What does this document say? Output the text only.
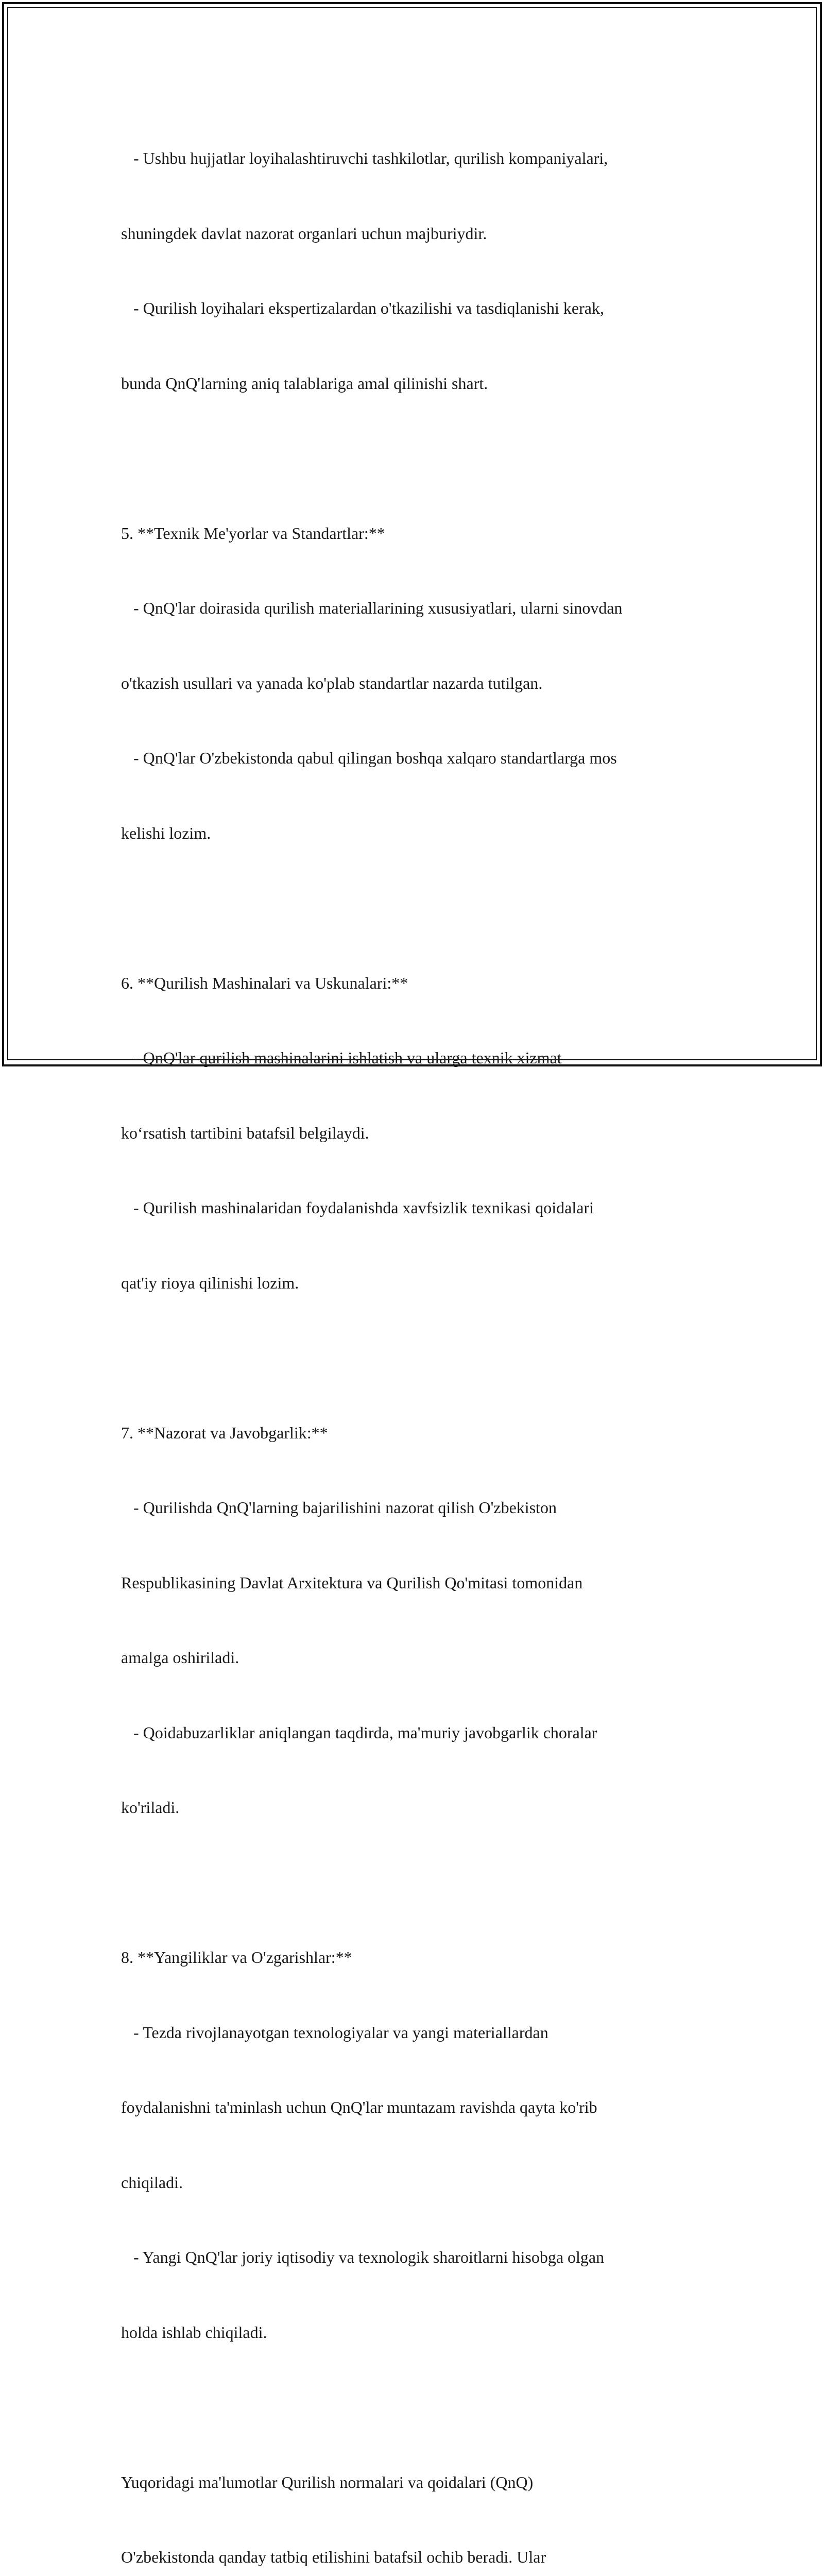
- Ushbu hujjatlar loyihalashtiruvchi tashkilotlar, qurilish kompaniyalari,

shuningdek davlat nazorat organlari uchun majburiydir.

- Qurilish loyihalari ekspertizalardan o'tkazilishi va tasdiqlanishi kerak,

bunda QnQ'larning aniq talablariga amal qilinishi shart.

5. **Texnik Me'yorlar va Standartlar:**

- QnQ'lar doirasida qurilish materiallarining xususiyatlari, ularni sinovdan

o'tkazish usullari va yanada ko'plab standartlar nazarda tutilgan.

- QnQ'lar O'zbekistonda qabul qilingan boshqa xalqaro standartlarga mos

kelishi lozim.

6. **Qurilish Mashinalari va Uskunalari:**

- QnQ'lar qurilish mashinalarini ishlatish va ularga texnik xizmat

ko‘rsatish tartibini batafsil belgilaydi.

- Qurilish mashinalaridan foydalanishda xavfsizlik texnikasi qoidalari

qat'iy rioya qilinishi lozim.

7. **Nazorat va Javobgarlik:**

- Qurilishda QnQ'larning bajarilishini nazorat qilish O'zbekiston

Respublikasining Davlat Arxitektura va Qurilish Qo'mitasi tomonidan

amalga oshiriladi.

- Qoidabuzarliklar aniqlangan taqdirda, ma'muriy javobgarlik choralar

ko'riladi.

8. **Yangiliklar va O'zgarishlar:**

- Tezda rivojlanayotgan texnologiyalar va yangi materiallardan

foydalanishni ta'minlash uchun QnQ'lar muntazam ravishda qayta ko'rib

chiqiladi.

- Yangi QnQ'lar joriy iqtisodiy va texnologik sharoitlarni hisobga olgan

holda ishlab chiqiladi.

Yuqoridagi ma'lumotlar Qurilish normalari va qoidalari (QnQ)

O'zbekistonda qanday tatbiq etilishini batafsil ochib beradi. Ular
